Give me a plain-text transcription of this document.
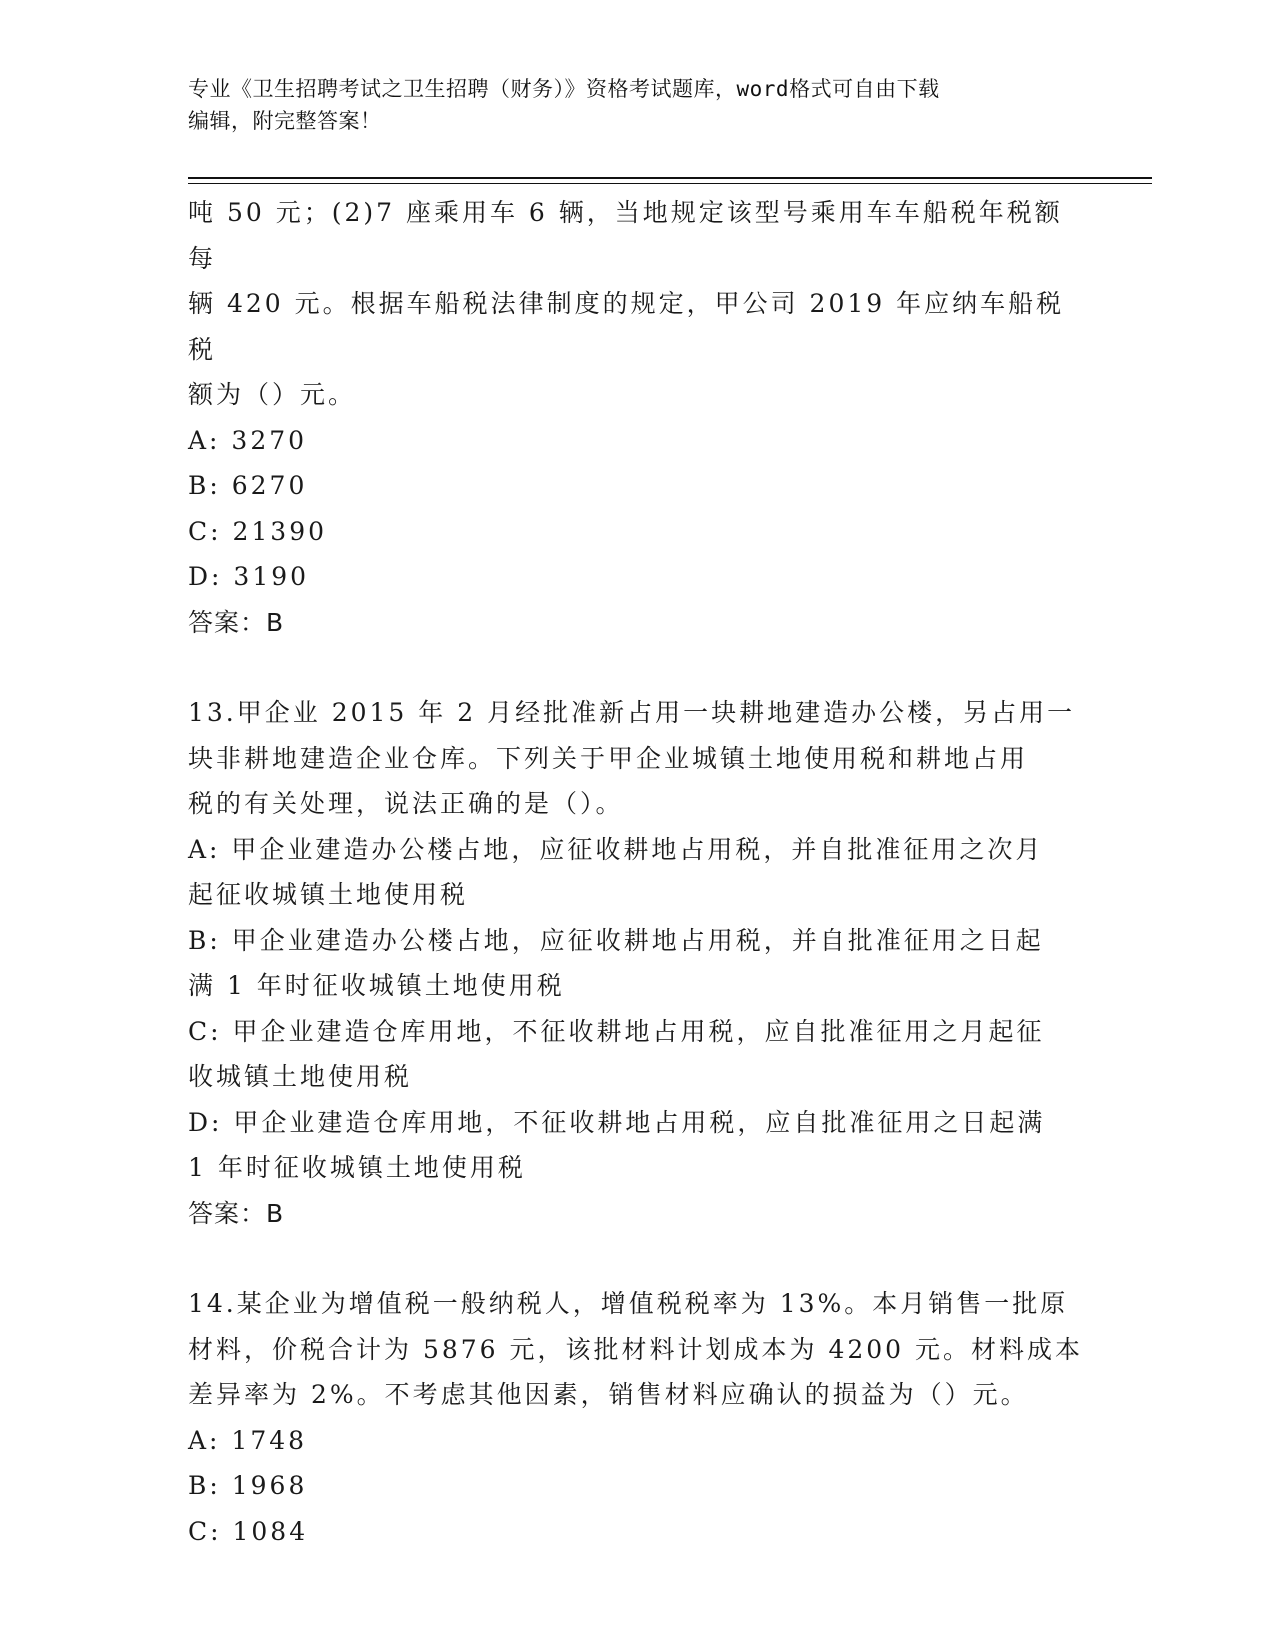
专业《卫生招聘考试之卫生招聘（财务）》资格考试题库，word格式可自由下载
编辑，附完整答案！

吨 50 元；(2)7 座乘用车 6 辆，当地规定该型号乘用车车船税年税额每

辆 420 元。根据车船税法律制度的规定，甲公司 2019 年应纳车船税税

额为（）元。

A: 3270

B: 6270

C: 21390

D: 3190

答案：B

13.甲企业 2015 年 2 月经批准新占用一块耕地建造办公楼，另占用一

块非耕地建造企业仓库。下列关于甲企业城镇土地使用税和耕地占用

税的有关处理，说法正确的是（）。

A: 甲企业建造办公楼占地，应征收耕地占用税，并自批准征用之次月

起征收城镇土地使用税

B: 甲企业建造办公楼占地，应征收耕地占用税，并自批准征用之日起

满 1 年时征收城镇土地使用税

C: 甲企业建造仓库用地，不征收耕地占用税，应自批准征用之月起征

收城镇土地使用税

D: 甲企业建造仓库用地，不征收耕地占用税，应自批准征用之日起满

1 年时征收城镇土地使用税

答案：B

14.某企业为增值税一般纳税人，增值税税率为 13%。本月销售一批原

材料，价税合计为 5876 元，该批材料计划成本为 4200 元。材料成本

差异率为 2%。不考虑其他因素，销售材料应确认的损益为（）元。

A: 1748

B: 1968

C: 1084
